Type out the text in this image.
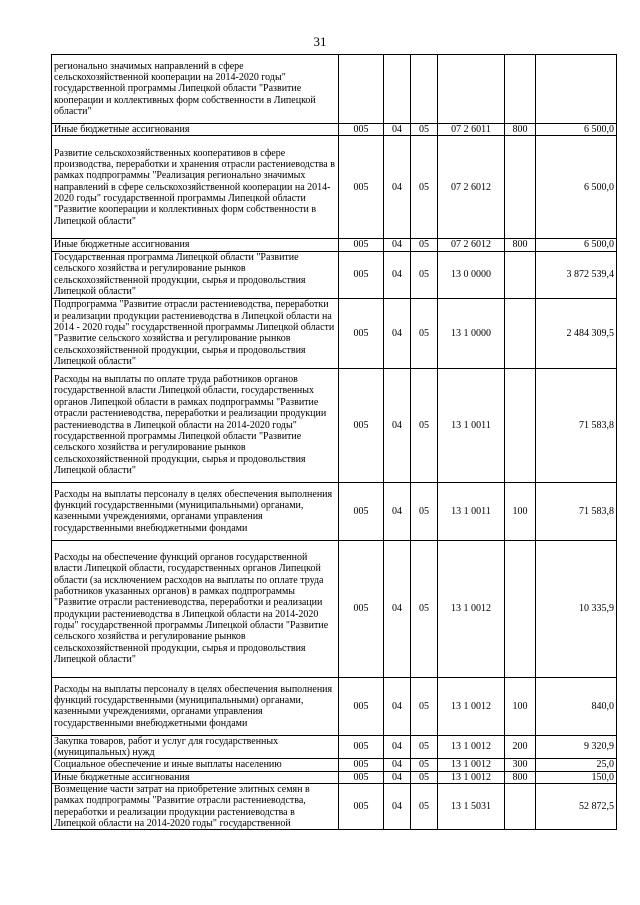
31
регионально значимых направлений в сфере сельскохозяйственной кооперации на 2014-2020 годы" государственной программы Липецкой области "Развитие кооперации и коллективных форм собственности в Липецкой области"						
Иные бюджетные ассигнования	005	04	05	07 2 6011	800	6 500,0
Развитие сельскохозяйственных кооперативов в сфере производства, переработки и хранения отрасли растениеводства в рамках подпрограммы "Реализация регионально значимых направлений в сфере сельскохозяйственной кооперации на 2014-2020 годы" государственной программы Липецкой области "Развитие кооперации и коллективных форм собственности в Липецкой области"	005	04	05	07 2 6012		6 500,0
Иные бюджетные ассигнования	005	04	05	07 2 6012	800	6 500,0
Государственная программа Липецкой области "Развитие сельского хозяйства и регулирование рынков сельскохозяйственной продукции, сырья и продовольствия Липецкой области"	005	04	05	13 0 0000		3 872 539,4
Подпрограмма "Развитие отрасли растениеводства, переработки и реализации продукции растениеводства в Липецкой области на 2014 - 2020 годы" государственной программы Липецкой области "Развитие сельского хозяйства и регулирование рынков сельскохозяйственной продукции, сырья и продовольствия Липецкой области"	005	04	05	13 1 0000		2 484 309,5
Расходы на выплаты по оплате труда работников органов государственной власти Липецкой области, государственных органов Липецкой области в рамках подпрограммы "Развитие отрасли растениеводства, переработки и реализации продукции растениеводства в Липецкой области на 2014-2020 годы" государственной программы Липецкой области "Развитие сельского хозяйства и регулирование рынков сельскохозяйственной продукции, сырья и продовольствия Липецкой области"	005	04	05	13 1 0011		71 583,8
Расходы на выплаты персоналу в целях обеспечения выполнения функций государственными (муниципальными) органами, казенными учреждениями, органами управления государственными внебюджетными фондами	005	04	05	13 1 0011	100	71 583,8
Расходы на обеспечение функций органов государственной власти Липецкой области, государственных органов Липецкой области (за исключением расходов на выплаты по оплате труда работников указанных органов) в рамках подпрограммы "Развитие отрасли растениеводства, переработки и реализации продукции растениеводства в Липецкой области на 2014-2020 годы" государственной программы Липецкой области "Развитие сельского хозяйства и регулирование рынков сельскохозяйственной продукции, сырья и продовольствия Липецкой области"	005	04	05	13 1 0012		10 335,9
Расходы на выплаты персоналу в целях обеспечения выполнения функций государственными (муниципальными) органами, казенными учреждениями, органами управления государственными внебюджетными фондами	005	04	05	13 1 0012	100	840,0
Закупка товаров, работ и услуг для государственных (муниципальных) нужд	005	04	05	13 1 0012	200	9 320,9
Социальное обеспечение и иные выплаты населению	005	04	05	13 1 0012	300	25,0
Иные бюджетные ассигнования	005	04	05	13 1 0012	800	150,0
Возмещение части затрат на приобретение элитных семян в рамках подпрограммы "Развитие отрасли растениеводства, переработки и реализации продукции растениеводства в Липецкой области на 2014-2020 годы" государственной	005	04	05	13 1 5031		52 872,5
